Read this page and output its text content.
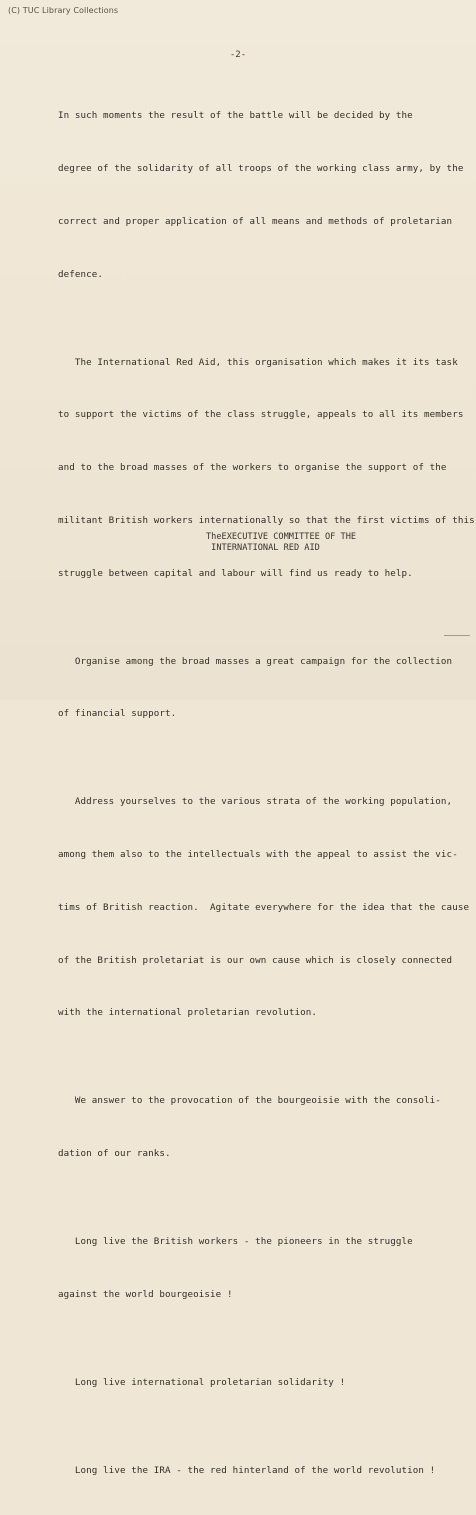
(C) TUC Library Collections
-2-

In such moments the result of the battle will be decided by the

degree of the solidarity of all troops of the working class army, by the

correct and proper application of all means and methods of proletarian

defence.

The International Red Aid, this organisation which makes it its task

to support the victims of the class struggle, appeals to all its members

and to the broad masses of the workers to organise the support of the

militant British workers internationally so that the first victims of this

struggle between capital and labour will find us ready to help.

Organise among the broad masses a great campaign for the collection

of financial support.

Address yourselves to the various strata of the working population,

among them also to the intellectuals with the appeal to assist the vic-

tims of British reaction.  Agitate everywhere for the idea that the cause

of the British proletariat is our own cause which is closely connected

with the international proletarian revolution.

We answer to the provocation of the bourgeoisie with the consoli-

dation of our ranks.

Long live the British workers - the pioneers in the struggle

against the world bourgeoisie !

Long live international proletarian solidarity !

Long live the IRA - the red hinterland of the world revolution !

TheEXECUTIVE COMMITTEE OF THE
INTERNATIONAL RED AID
